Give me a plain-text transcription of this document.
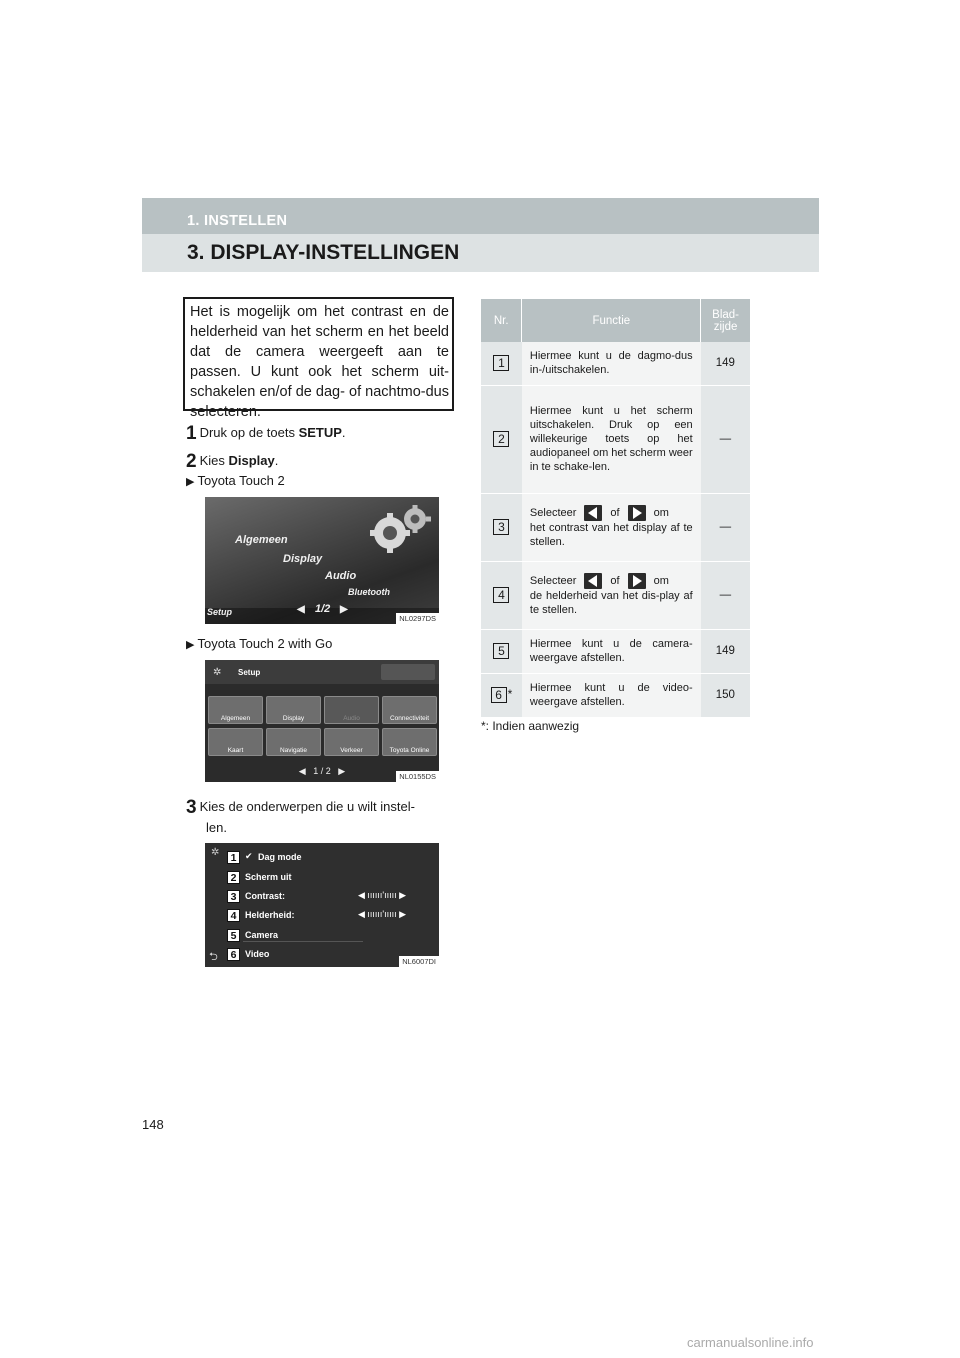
1. INSTELLEN
3. DISPLAY-INSTELLINGEN
Het is mogelijk om het contrast en de helderheid van het scherm en het beeld dat de camera weergeeft aan te passen. U kunt ook het scherm uit-schakelen en/of de dag- of nachtmo-dus selecteren.
1 Druk op de toets SETUP.
2 Kies Display.
▶ Toyota Touch 2
Algemeen
Display
Audio
Bluetooth
Setup	◀ 1/2 ▶
NL0297DS
▶ Toyota Touch 2 with Go
✲ Setup
Algemeen	Display	Audio	Connectiviteit
Kaart	Navigatie	Verkeer	Toyota Online
◀ 1 / 2 ▶
NL0155DS
3 Kies de onderwerpen die u wilt instel-
len.
✲	1
2
3
4
5
6
✔ Dag mode
Scherm uit
Contrast:	◀ ıııııı'ııııı ▶
Helderheid:	◀ ıııııı'ııııı ▶
Camera
⮌	Video
NL6007DI
Nr.	Functie	Blad-
zijde
1	Hiermee kunt u de dagmo-dus in-/uitschakelen.	149
2	Hiermee kunt u het scherm uitschakelen. Druk op een willekeurige toets op het audiopaneel om het scherm weer in te schake-len.	—
3	Selecteer of om
het contrast van het display af te stellen.	—
4	Selecteer of om
de helderheid van het dis-play af te stellen.	—
5	Hiermee kunt u de camera-weergave afstellen.	149
6 *	Hiermee kunt u de video-weergave afstellen.	150
*: Indien aanwezig
148
carmanualsonline.info
